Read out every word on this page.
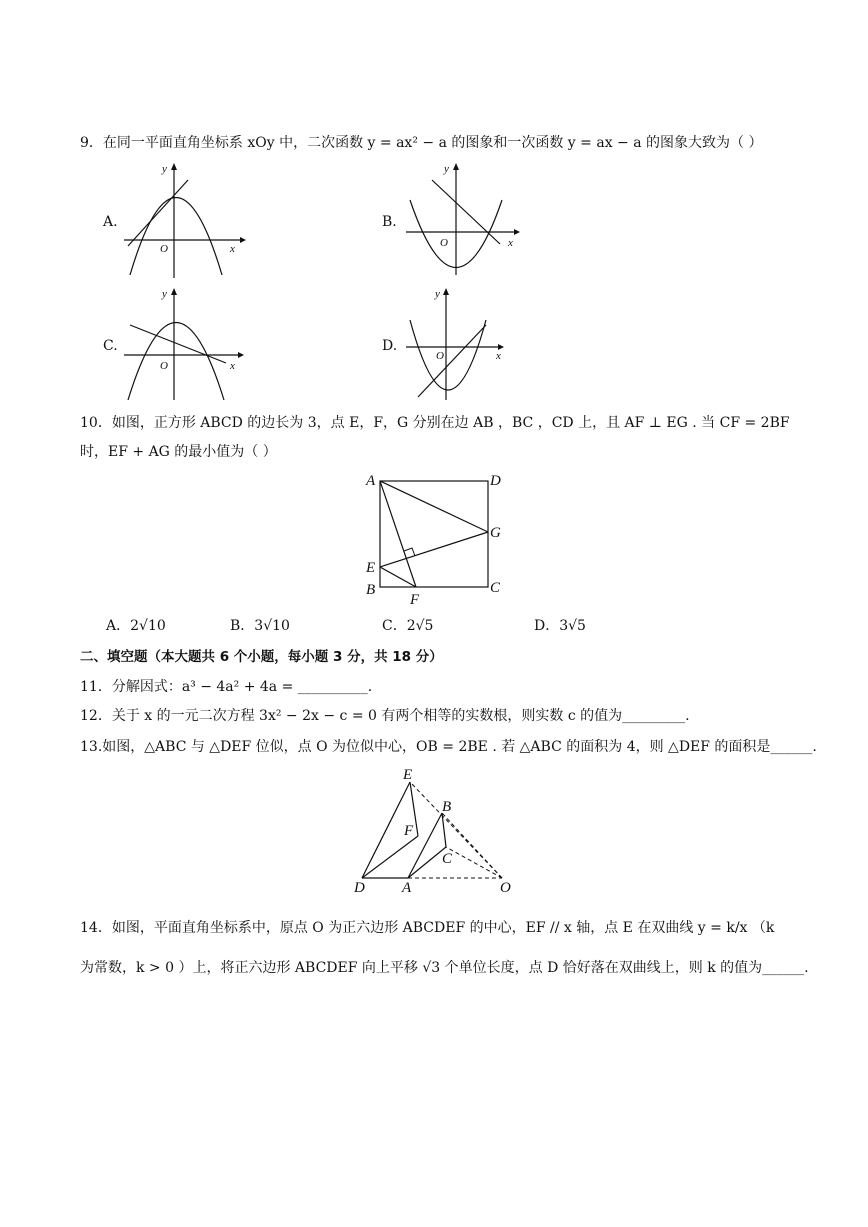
9．在同一平面直角坐标系 xOy 中，二次函数 y = ax² − a 的图象和一次函数 y = ax − a 的图象大致为（ ）
A.
y
x
O
B.
y
x
O
C.
y
x
O
D.
y
x
O
10．如图，正方形 ABCD 的边长为 3，点 E，F，G 分别在边 AB ，BC ，CD 上，且 AF ⊥ EG . 当 CF = 2BF
时，EF + AG 的最小值为（ ）
A	D
G
E
B	C
F
A．2√10	B．3√10	C．2√5	D．3√5
二、填空题（本大题共 6 个小题，每小题 3 分，共 18 分）
11．分解因式：a³ − 4a² + 4a = __________.
12．关于 x 的一元二次方程 3x² − 2x − c = 0 有两个相等的实数根，则实数 c 的值为_________.
13.如图，△ABC 与 △DEF 位似，点 O 为位似中心，OB = 2BE . 若 △ABC 的面积为 4，则 △DEF 的面积是______.
E
B
F
C
D A	O
14．如图，平面直角坐标系中，原点 O 为正六边形 ABCDEF 的中心，EF // x 轴，点 E 在双曲线 y = k/x （k
为常数，k > 0 ）上，将正六边形 ABCDEF 向上平移 √3 个单位长度，点 D 恰好落在双曲线上，则 k 的值为______.
